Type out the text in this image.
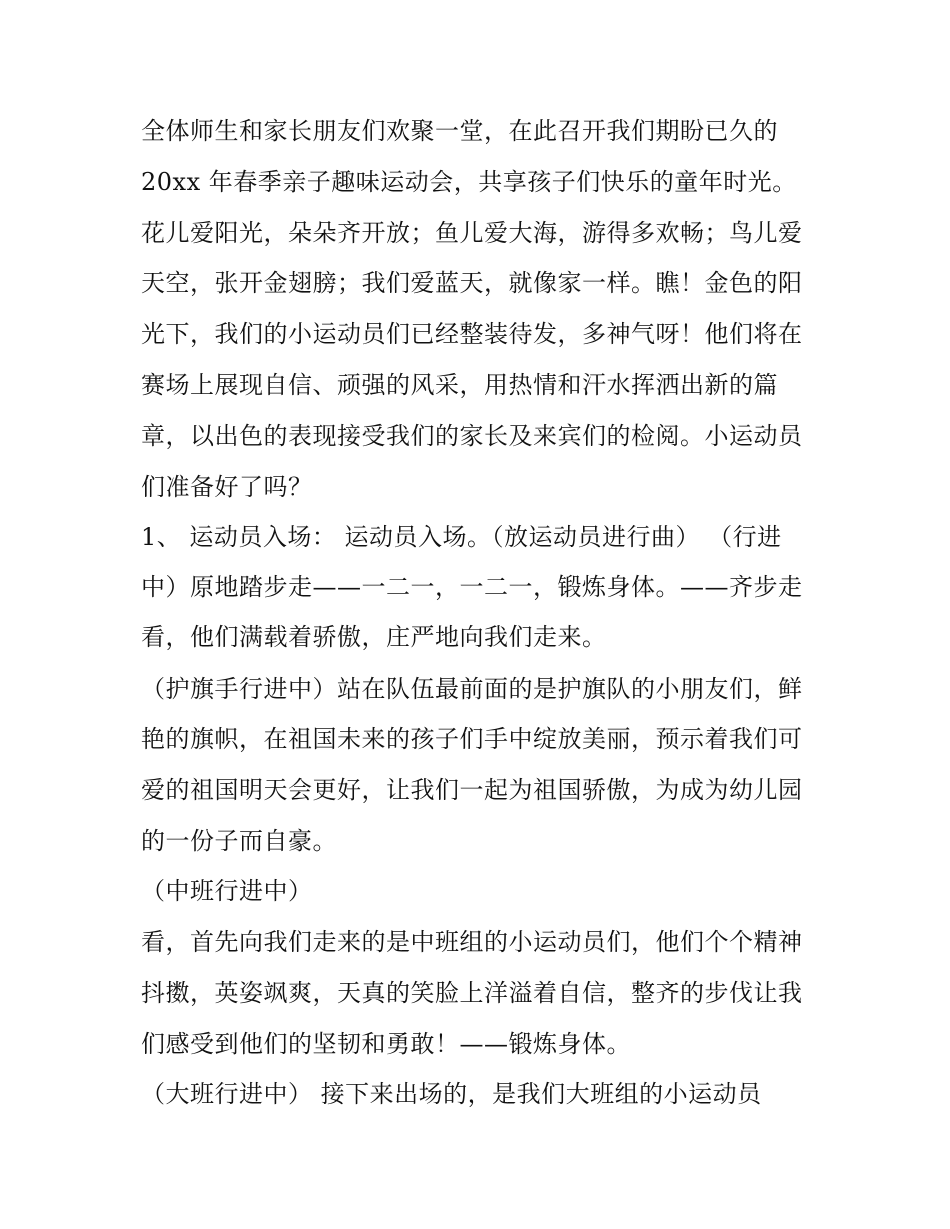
全体师生和家长朋友们欢聚一堂，在此召开我们期盼已久的
20xx 年春季亲子趣味运动会，共享孩子们快乐的童年时光。
花儿爱阳光，朵朵齐开放；鱼儿爱大海，游得多欢畅；鸟儿爱
天空，张开金翅膀；我们爱蓝天，就像家一样。瞧！金色的阳
光下，我们的小运动员们已经整装待发，多神气呀！他们将在
赛场上展现自信、顽强的风采，用热情和汗水挥洒出新的篇
章，以出色的表现接受我们的家长及来宾们的检阅。小运动员
们准备好了吗？
1、 运动员入场： 运动员入场。（放运动员进行曲） （行进
中）原地踏步走——一二一，一二一，锻炼身体。——齐步走
看，他们满载着骄傲，庄严地向我们走来。
（护旗手行进中）站在队伍最前面的是护旗队的小朋友们，鲜
艳的旗帜，在祖国未来的孩子们手中绽放美丽，预示着我们可
爱的祖国明天会更好，让我们一起为祖国骄傲，为成为幼儿园
的一份子而自豪。
（中班行进中）
看，首先向我们走来的是中班组的小运动员们，他们个个精神
抖擞，英姿飒爽，天真的笑脸上洋溢着自信，整齐的步伐让我
们感受到他们的坚韧和勇敢！——锻炼身体。
（大班行进中） 接下来出场的，是我们大班组的小运动员
